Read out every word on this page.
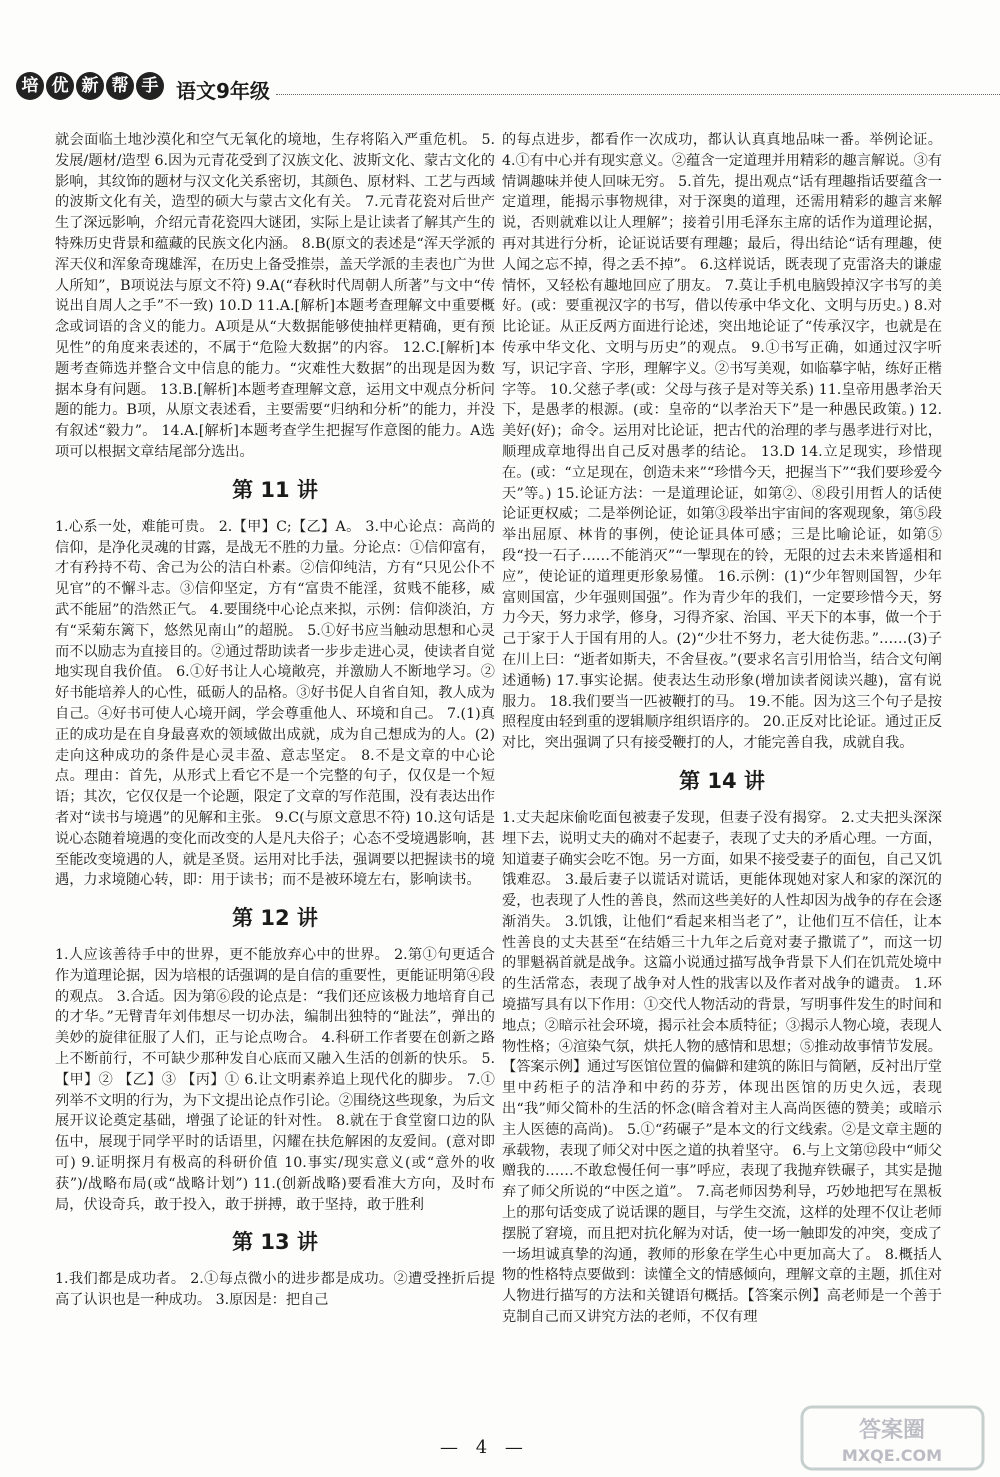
培 优 新 帮 手 语文9年级

就会面临土地沙漠化和空气无氧化的境地，生存将陷入严重危机。 5.发展/题材/造型 6.因为元青花受到了汉族文化、波斯文化、蒙古文化的影响，其纹饰的题材与汉文化关系密切，其颜色、原材料、工艺与西域的波斯文化有关，造型的硕大与蒙古文化有关。 7.元青花瓷对后世产生了深远影响，介绍元青花瓷四大谜团，实际上是让读者了解其产生的特殊历史背景和蕴藏的民族文化内涵。 8.B(原文的表述是“浑天学派的浑天仪和浑象奇瑰雄浑，在历史上备受推崇，盖天学派的圭表也广为世人所知”，B项说法与原文不符) 9.A(“春秋时代周朝人所著”与文中“传说出自周人之手”不一致) 10.D 11.A.[解析]本题考查理解文中重要概念或词语的含义的能力。A项是从“大数据能够使抽样更精确，更有预见性”的角度来表述的，不属于“危险大数据”的内容。 12.C.[解析]本题考查筛选并整合文中信息的能力。“灾难性大数据”的出现是因为数据本身有问题。 13.B.[解析]本题考查理解文意，运用文中观点分析问题的能力。B项，从原文表述看，主要需要“归纳和分析”的能力，并没有叙述“毅力”。 14.A.[解析]本题考查学生把握写作意图的能力。A选项可以根据文章结尾部分选出。

第 11 讲

1.心系一处，难能可贵。 2.【甲】C;【乙】A。 3.中心论点：高尚的信仰，是净化灵魂的甘露，是战无不胜的力量。分论点：①信仰富有，才有矜持不苟、舍己为公的洁白朴素。②信仰纯洁，方有“只见公仆不见官”的不懈斗志。③信仰坚定，方有“富贵不能淫，贫贱不能移，威武不能屈”的浩然正气。 4.要围绕中心论点来拟，示例：信仰淡泊，方有“采菊东篱下，悠然见南山”的超脱。 5.①好书应当触动思想和心灵而不以励志为直接目的。②通过帮助读者一步步走进心灵，使读者自觉地实现自我价值。 6.①好书让人心境敞亮，并激励人不断地学习。②好书能培养人的心性，砥砺人的品格。③好书促人自省自知，教人成为自己。④好书可使人心境开阔，学会尊重他人、环境和自己。 7.(1)真正的成功是在自身最喜欢的领域做出成就，成为自己想成为的人。(2)走向这种成功的条件是心灵丰盈、意志坚定。 8.不是文章的中心论点。理由：首先，从形式上看它不是一个完整的句子，仅仅是一个短语；其次，它仅仅是一个论题，限定了文章的写作范围，没有表达出作者对“读书与境遇”的见解和主张。 9.C(与原文意思不符) 10.这句话是说心态随着境遇的变化而改变的人是凡夫俗子；心态不受境遇影响，甚至能改变境遇的人，就是圣贤。运用对比手法，强调要以把握读书的境遇，力求境随心转，即：用于读书；而不是被环境左右，影响读书。

第 12 讲

1.人应该善待手中的世界，更不能放弃心中的世界。 2.第①句更适合作为道理论据，因为培根的话强调的是自信的重要性，更能证明第④段的观点。 3.合适。因为第⑥段的论点是：“我们还应该极力地培育自己的才华。”无臂青年刘伟想尽一切办法，编制出独特的“趾法”，弹出的美妙的旋律征服了人们，正与论点吻合。 4.科研工作者要在创新之路上不断前行，不可缺少那种发自心底而又融入生活的创新的快乐。 5.【甲】② 【乙】③ 【丙】① 6.让文明素养追上现代化的脚步。 7.①列举不文明的行为，为下文提出论点作引论。②围绕这些现象，为后文展开议论奠定基础，增强了论证的针对性。 8.就在于食堂窗口边的队伍中，展现于同学平时的话语里，闪耀在扶危解困的友爱间。(意对即可) 9.证明探月有极高的科研价值 10.事实/现实意义(或“意外的收获”)/战略布局(或“战略计划”) 11.(创新战略)要看准大方向，及时布局，伏设奇兵，敢于投入，敢于拼搏，敢于坚持，敢于胜利

第 13 讲

1.我们都是成功者。 2.①每点微小的进步都是成功。②遭受挫折后提高了认识也是一种成功。 3.原因是：把自己

的每点进步，都看作一次成功，都认认真真地品味一番。举例论证。 4.①有中心并有现实意义。②蕴含一定道理并用精彩的趣言解说。③有情调趣味并使人回味无穷。 5.首先，提出观点“话有理趣指话要蕴含一定道理，能揭示事物规律，对于深奥的道理，还需用精彩的趣言来解说，否则就难以让人理解”；接着引用毛泽东主席的话作为道理论据，再对其进行分析，论证说话要有理趣；最后，得出结论“话有理趣，使人闻之忘不掉，得之丢不掉”。 6.这样说话，既表现了克雷洛夫的谦虚情怀，又轻松有趣地回应了朋友。 7.莫让手机电脑毁掉汉字书写的美好。(或：要重视汉字的书写，借以传承中华文化、文明与历史。) 8.对比论证。从正反两方面进行论述，突出地论证了“传承汉字，也就是在传承中华文化、文明与历史”的观点。 9.①书写正确，如通过汉字听写，识记字音、字形，理解字义。②书写美观，如临摹字帖，练好正楷字等。 10.父慈子孝(或：父母与孩子是对等关系) 11.皇帝用愚孝治天下，是愚孝的根源。(或：皇帝的“以孝治天下”是一种愚民政策。) 12.美好(好)；命令。运用对比论证，把古代的治理的孝与愚孝进行对比，顺理成章地得出自己反对愚孝的结论。 13.D 14.立足现实，珍惜现在。(或：“立足现在，创造未来”“珍惜今天，把握当下”“我们要珍爱今天”等。) 15.论证方法：一是道理论证，如第②、⑧段引用哲人的话使论证更权威；二是举例论证，如第③段举出宇宙间的客观现象，第⑤段举出屈原、林肯的事例，使论证具体可感；三是比喻论证，如第⑤段“投一石子……不能消灭”“一掣现在的铃，无限的过去未来皆遥相和应”，使论证的道理更形象易懂。 16.示例：(1)“少年智则国智，少年富则国富，少年强则国强”。作为青少年的我们，一定要珍惜今天，努力今天，努力求学，修身，习得齐家、治国、平天下的本事，做一个于己于家于人于国有用的人。(2)“少壮不努力，老大徒伤悲。”……(3)子在川上曰：“逝者如斯夫，不舍昼夜。”(要求名言引用恰当，结合文句阐述通畅) 17.事实论据。使表达生动形象(增加读者阅读兴趣)，富有说服力。 18.我们要当一匹被鞭打的马。 19.不能。因为这三个句子是按照程度由轻到重的逻辑顺序组织语序的。 20.正反对比论证。通过正反对比，突出强调了只有接受鞭打的人，才能完善自我，成就自我。

第 14 讲

1.丈夫起床偷吃面包被妻子发现，但妻子没有揭穿。 2.丈夫把头深深埋下去，说明丈夫的确对不起妻子，表现了丈夫的矛盾心理。一方面，知道妻子确实会吃不饱。另一方面，如果不接受妻子的面包，自己又饥饿难忍。 3.最后妻子以谎话对谎话，更能体现她对家人和家的深沉的爱，也表现了人性的善良，然而这些美好的人性却因为战争的存在会逐渐消失。 3.饥饿，让他们“看起来相当老了”，让他们互不信任，让本性善良的丈夫甚至“在结婚三十九年之后竟对妻子撒谎了”，而这一切的罪魁祸首就是战争。这篇小说通过描写战争背景下人们在饥荒处境中的生活常态，表现了战争对人性的戕害以及作者对战争的谴责。 1.环境描写具有以下作用：①交代人物活动的背景，写明事件发生的时间和地点；②暗示社会环境，揭示社会本质特征；③揭示人物心境，表现人物性格；④渲染气氛，烘托人物的感情和思想；⑤推动故事情节发展。【答案示例】通过写医馆位置的偏僻和建筑的陈旧与简陋，反衬出厅堂里中药柜子的洁净和中药的芬芳，体现出医馆的历史久远，表现出“我”师父简朴的生活的怀念(暗含着对主人高尚医德的赞美；或暗示主人医德的高尚)。 5.①“药碾子”是本文的行文线索。②是文章主题的承载物，表现了师父对中医之道的执着坚守。 6.与上文第⑫段中“师父赠我的……不敢怠慢任何一事”呼应，表现了我抛弃铁碾子，其实是抛弃了师父所说的“中医之道”。 7.高老师因势利导，巧妙地把写在黑板上的那句话变成了说话课的题目，与学生交流，这样的处理不仅让老师摆脱了窘境，而且把对抗化解为对话，使一场一触即发的冲突，变成了一场坦诚真挚的沟通，教师的形象在学生心中更加高大了。 8.概括人物的性格特点要做到：读懂全文的情感倾向，理解文章的主题，抓住对人物进行描写的方法和关键语句概括。【答案示例】高老师是一个善于克制自己而又讲究方法的老师，不仅有理

— 4 —
答案圈
MXQE.COM
